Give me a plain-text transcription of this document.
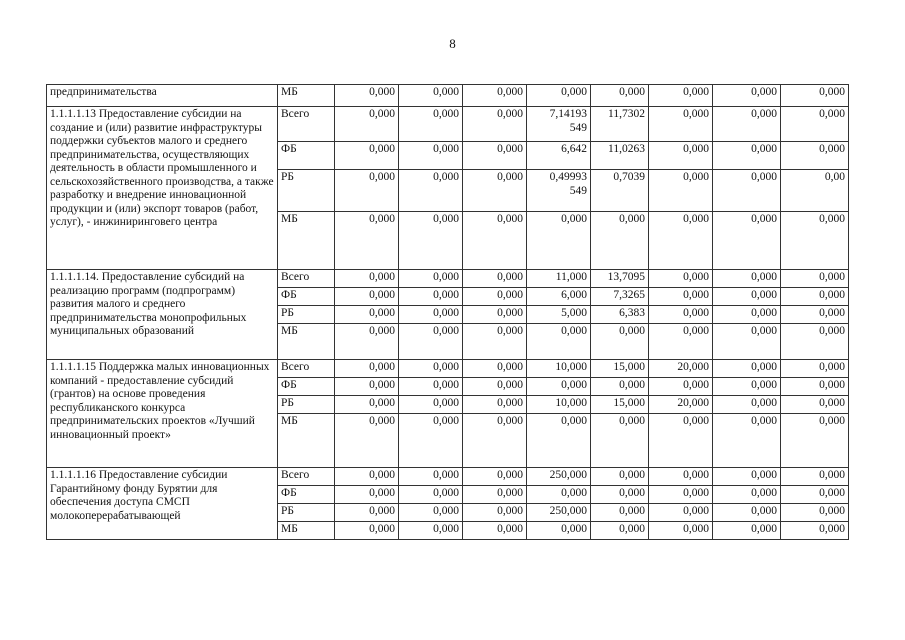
8
предпринимательства	МБ	0,000	0,000	0,000	0,000	0,000	0,000	0,000	0,000
1.1.1.1.13 Предоставление субсидии на создание и (или) развитие инфраструктуры поддержки субъектов малого и среднего предпринимательства, осуществляющих деятельность в области промышленного и сельскохозяйственного производства, а также разработку и внедрение инновационной продукции и (или) экспорт товаров (работ, услуг), - инжиниринговего центра	Всего	0,000	0,000	0,000	7,14193 549	11,7302	0,000	0,000	0,000
	ФБ	0,000	0,000	0,000	6,642	11,0263	0,000	0,000	0,000
	РБ	0,000	0,000	0,000	0,49993 549	0,7039	0,000	0,000	0,00
	МБ	0,000	0,000	0,000	0,000	0,000	0,000	0,000	0,000
1.1.1.1.14. Предоставление субсидий на реализацию программ (подпрограмм) развития малого и среднего предпринимательства монопрофильных муниципальных образований	Всего	0,000	0,000	0,000	11,000	13,7095	0,000	0,000	0,000
	ФБ	0,000	0,000	0,000	6,000	7,3265	0,000	0,000	0,000
	РБ	0,000	0,000	0,000	5,000	6,383	0,000	0,000	0,000
	МБ	0,000	0,000	0,000	0,000	0,000	0,000	0,000	0,000
1.1.1.1.15 Поддержка малых инновационных компаний - предоставление субсидий (грантов) на основе проведения республиканского конкурса предпринимательских проектов «Лучший инновационный проект»	Всего	0,000	0,000	0,000	10,000	15,000	20,000	0,000	0,000
	ФБ	0,000	0,000	0,000	0,000	0,000	0,000	0,000	0,000
	РБ	0,000	0,000	0,000	10,000	15,000	20,000	0,000	0,000
	МБ	0,000	0,000	0,000	0,000	0,000	0,000	0,000	0,000
1.1.1.1.16 Предоставление субсидии Гарантийному фонду Бурятии для обеспечения доступа СМСП молокоперерабатывающей	Всего	0,000	0,000	0,000	250,000	0,000	0,000	0,000	0,000
	ФБ	0,000	0,000	0,000	0,000	0,000	0,000	0,000	0,000
	РБ	0,000	0,000	0,000	250,000	0,000	0,000	0,000	0,000
	МБ	0,000	0,000	0,000	0,000	0,000	0,000	0,000	0,000
